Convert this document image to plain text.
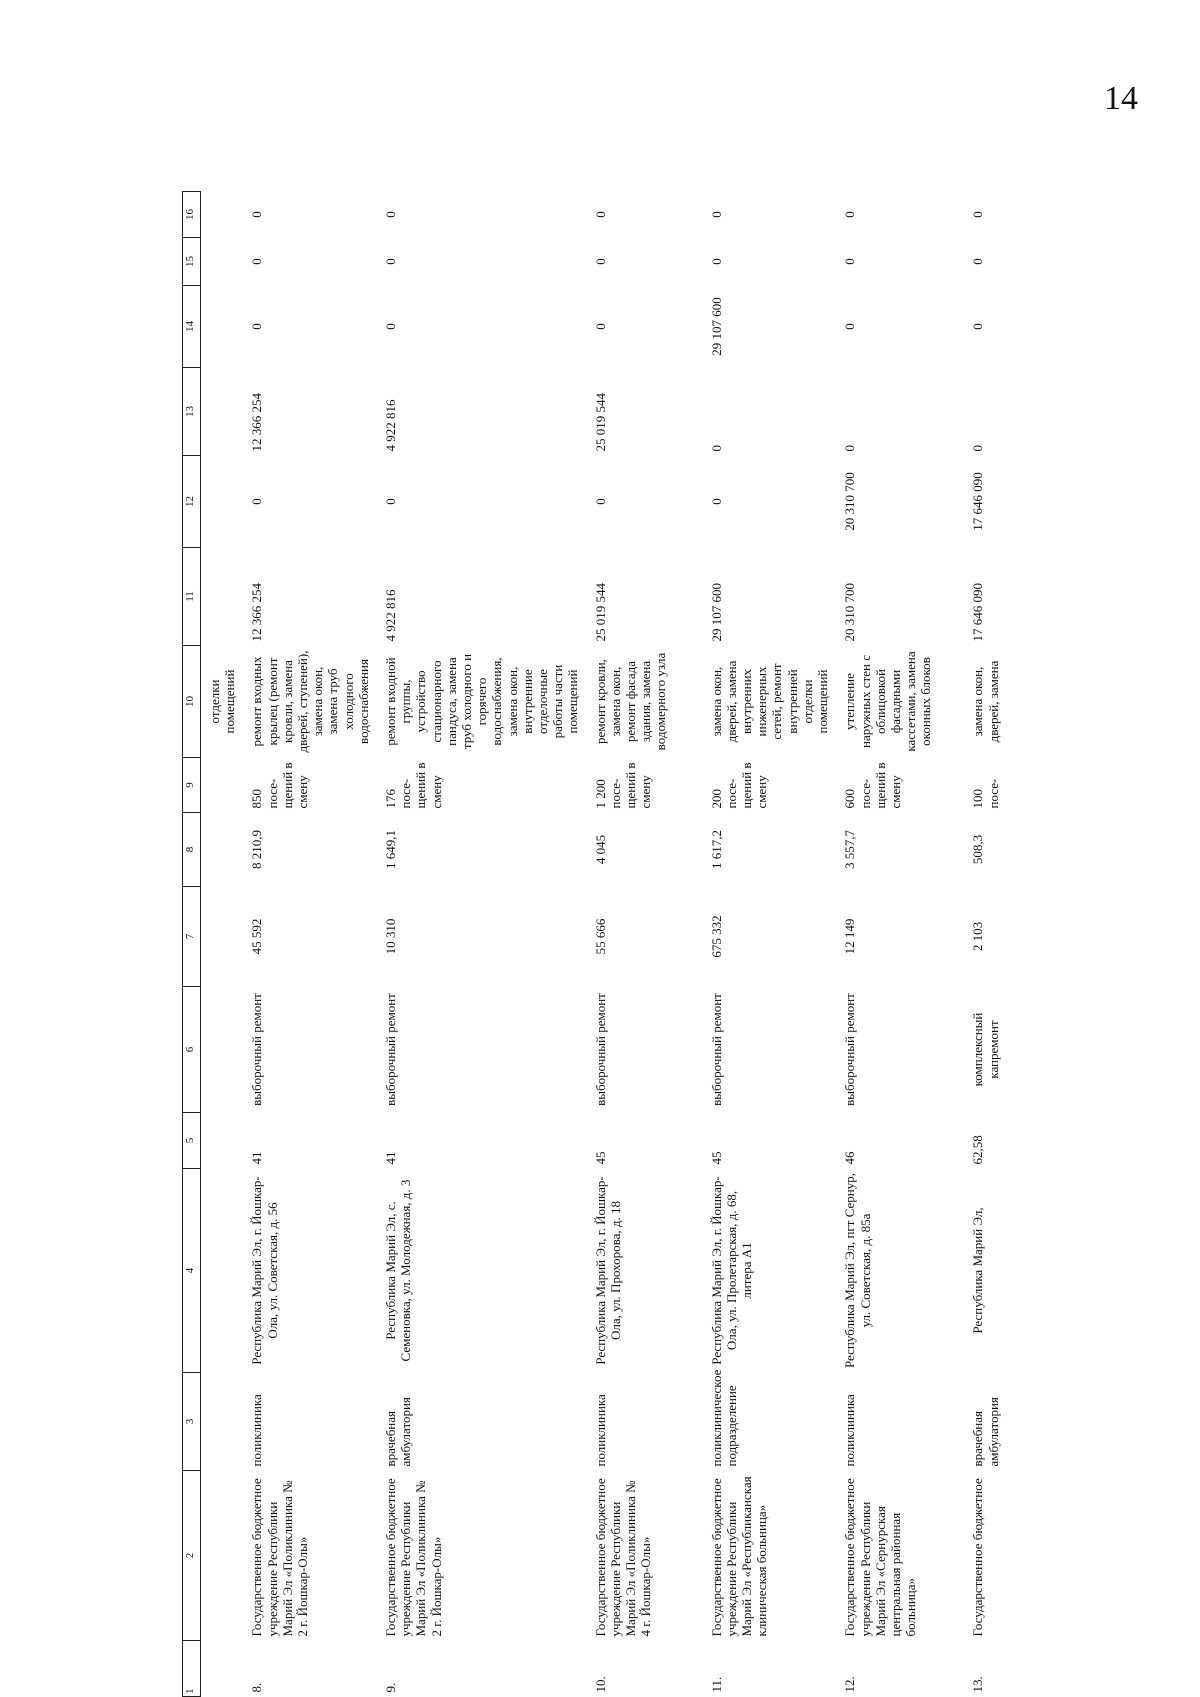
14
1	2	3	4	5	6	7	8	9	10	11	12	13	14	15	16
									отделки помещений						
8.	Государственное бюджетное учреждение Республики Марий Эл «Поликлиника № 2 г. Йошкар-Олы»	поликлиника	Республика Марий Эл, г. Йошкар-Ола, ул. Советская, д. 56	41	выборочный ремонт	45 592	8 210,9	850 посе-щений в смену	ремонт входных крылец (ремонт кровли, замена дверей, ступеней), замена окон, замена труб холодного водоснабжения	12 366 254	0	12 366 254	0	0	0
9.	Государственное бюджетное учреждение Республики Марий Эл «Поликлиника № 2 г. Йошкар-Олы»	врачебная амбулатория	Республика Марий Эл, с. Семеновка, ул. Молодежная, д. 3	41	выборочный ремонт	10 310	1 649,1	176 посе-щений в смену	ремонт входной группы, устройство стационарного пандуса, замена труб холодного и горячего водоснабжения, замена окон, внутренние отделочные работы части помещений	4 922 816	0	4 922 816	0	0	0
10.	Государственное бюджетное учреждение Республики Марий Эл «Поликлиника № 4 г. Йошкар-Олы»	поликлиника	Республика Марий Эл, г. Йошкар-Ола, ул. Прохорова, д. 18	45	выборочный ремонт	55 666	4 045	1 200 посе-щений в смену	ремонт кровли, замена окон, ремонт фасада здания, замена водомерного узла	25 019 544	0	25 019 544	0	0	0
11.	Государственное бюджетное учреждение Республики Марий Эл «Республиканская клиническая больница»	поликлиническое подразделение	Республика Марий Эл, г. Йошкар-Ола, ул. Пролетарская, д. 68, литера А1	45	выборочный ремонт	675 332	1 617,2	200 посе-щений в смену	замена окон, дверей, замена внутренних инженерных сетей, ремонт внутренней отделки помещений	29 107 600	0	0	29 107 600	0	0
12.	Государственное бюджетное учреждение Республики Марий Эл «Сернурская центральная районная больница»	поликлиника	Республика Марий Эл, пгт Сернур, ул. Советская, д. 85а	46	выборочный ремонт	12 149	3 557,7	600 посе-щений в смену	утепление наружных стен с облицовкой фасадными кассетами, замена оконных блоков	20 310 700	20 310 700	0	0	0	0
13.	Государственное бюджетное	врачебная амбулатория	Республика Марий Эл,	62,58	комплексный капремонт	2 103	508,3	100 посе-	замена окон, дверей, замена	17 646 090	17 646 090	0	0	0	0
